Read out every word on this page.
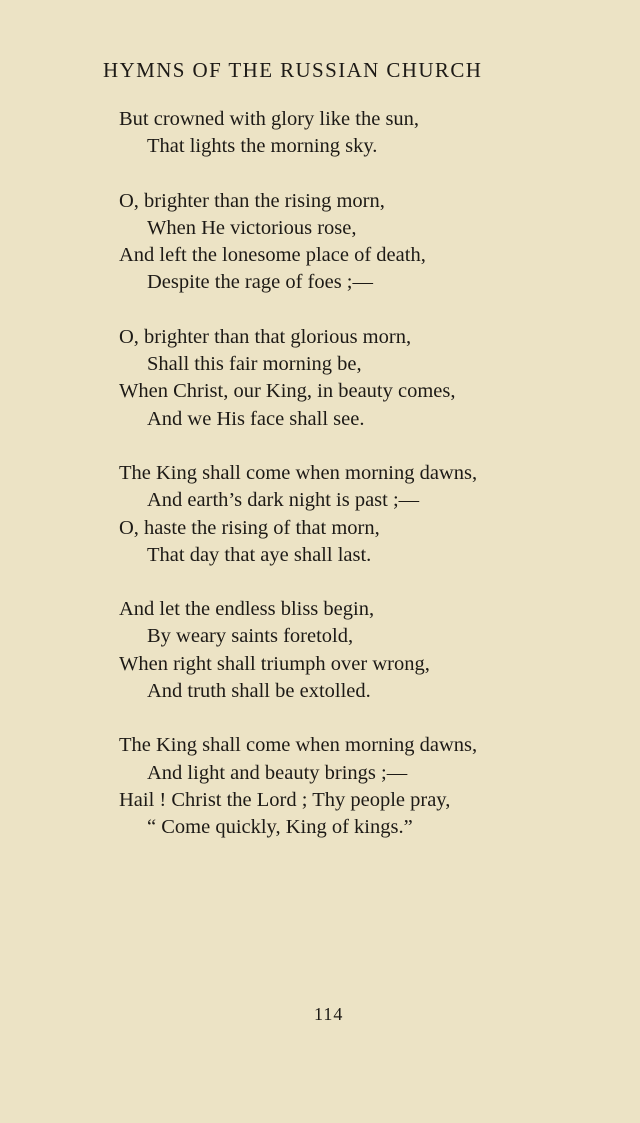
HYMNS OF THE RUSSIAN CHURCH
But crowned with glory like the sun,
That lights the morning sky.
O, brighter than the rising morn,
When He victorious rose,
And left the lonesome place of death,
Despite the rage of foes ;—
O, brighter than that glorious morn,
Shall this fair morning be,
When Christ, our King, in beauty comes,
And we His face shall see.
The King shall come when morning dawns,
And earth’s dark night is past ;—
O, haste the rising of that morn,
That day that aye shall last.
And let the endless bliss begin,
By weary saints foretold,
When right shall triumph over wrong,
And truth shall be extolled.
The King shall come when morning dawns,
And light and beauty brings ;—
Hail ! Christ the Lord ; Thy people pray,
“ Come quickly, King of kings.”
114
